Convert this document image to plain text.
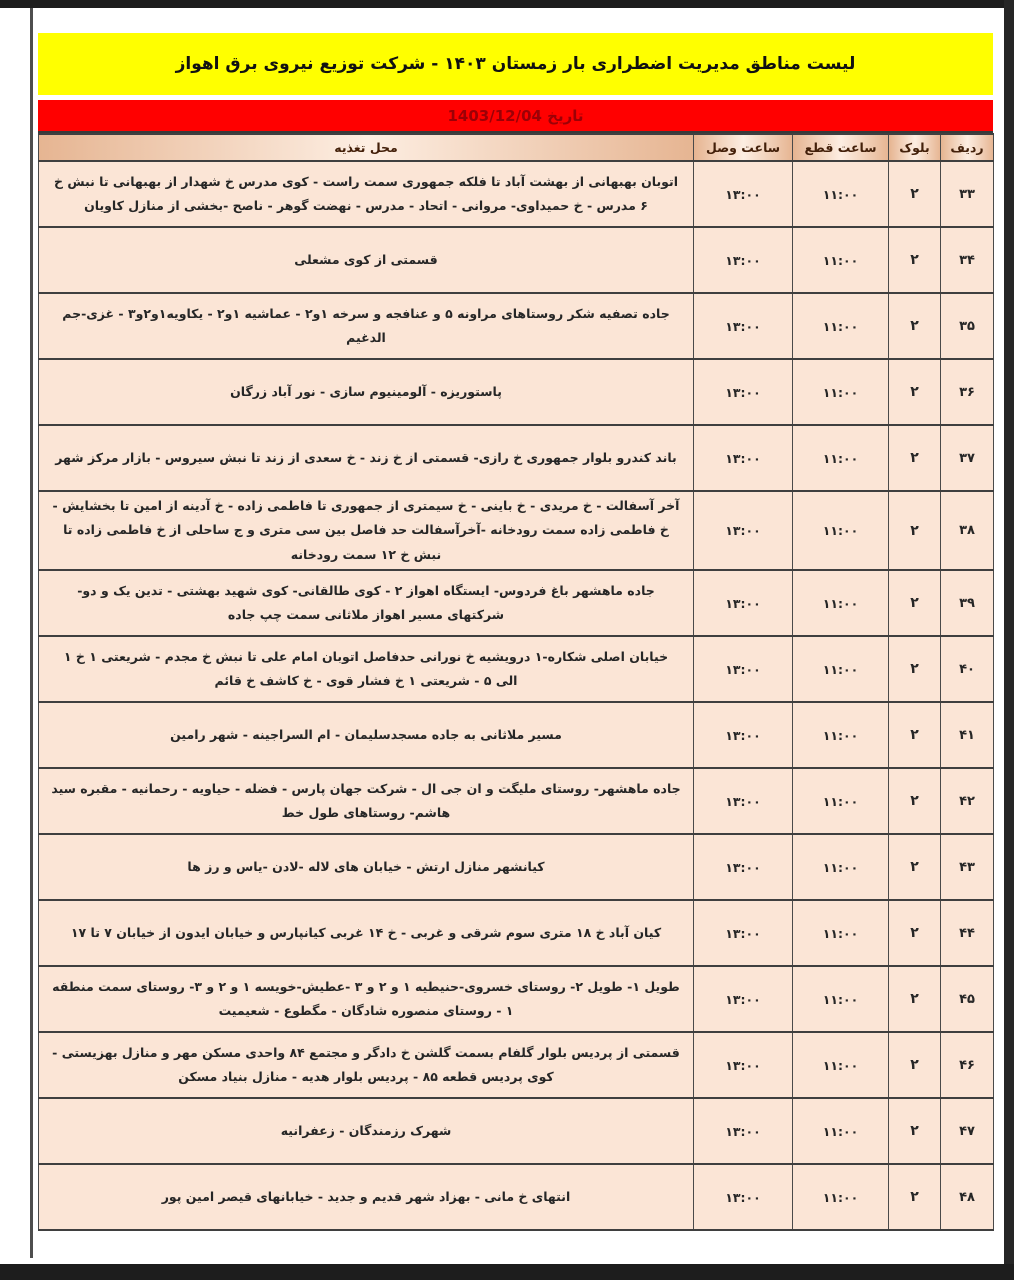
لیست مناطق مدیریت اضطراری بار زمستان ۱۴۰۳ - شرکت توزیع نیروی برق اهواز
تاریخ 1403/12/04
ردیف	بلوک	ساعت قطع	ساعت وصل	محل تغذیه
۳۳	۲	۱۱:۰۰	۱۳:۰۰	اتوبان بهبهانی از بهشت آباد تا فلکه جمهوری سمت راست - کوی مدرس خ شهدار از بهبهانی تا نبش خ ۶ مدرس - خ حمیداوی- مروانی - اتحاد - مدرس - نهضت گوهر - ناصح -بخشی از منازل کاویان
۳۴	۲	۱۱:۰۰	۱۳:۰۰	قسمتی از کوی مشعلی
۳۵	۲	۱۱:۰۰	۱۳:۰۰	جاده تصفیه شکر روستاهای مراونه ۵ و عنافجه و سرخه ۱و۲ - عماشیه ۱و۲ - یکاویه۱و۲و۳ - غزی-جم الدغیم
۳۶	۲	۱۱:۰۰	۱۳:۰۰	پاستوریزه - آلومینیوم سازی - نور آباد زرگان
۳۷	۲	۱۱:۰۰	۱۳:۰۰	باند کندرو بلوار جمهوری خ رازی- قسمتی از خ زند - خ سعدی از زند تا نبش سیروس - بازار مرکز شهر
۳۸	۲	۱۱:۰۰	۱۳:۰۰	آخر آسفالت - خ مریدی - خ باینی - خ سیمتری از جمهوری تا فاطمی زاده - خ آدینه از امین تا بخشایش - خ فاطمی زاده سمت رودخانه -آخرآسفالت حد فاصل بین سی متری و ج ساحلی از خ فاطمی زاده تا نبش خ ۱۲ سمت رودخانه
۳۹	۲	۱۱:۰۰	۱۳:۰۰	جاده ماهشهر باغ فردوس- ایستگاه اهواز ۲ - کوی طالقانی- کوی شهید بهشتی - تدین یک و دو- شرکتهای مسیر اهواز ملاثانی سمت چپ جاده
۴۰	۲	۱۱:۰۰	۱۳:۰۰	خیابان اصلی شکاره-۱ درویشیه خ نورانی حدفاصل اتوبان امام علی تا نبش خ مجدم - شریعتی ۱ خ ۱ الی ۵ - شریعتی ۱ خ فشار قوی - خ کاشف خ قائم
۴۱	۲	۱۱:۰۰	۱۳:۰۰	مسیر ملاثانی به جاده مسجدسلیمان - ام السراجینه - شهر رامین
۴۲	۲	۱۱:۰۰	۱۳:۰۰	جاده ماهشهر- روستای ملیگت و ان جی ال - شرکت جهان پارس - فضله - حیاویه - رحمانیه - مقبره سید هاشم- روستاهای طول خط
۴۳	۲	۱۱:۰۰	۱۳:۰۰	کیانشهر منازل ارتش - خیابان های لاله -لادن -یاس و رز ها
۴۴	۲	۱۱:۰۰	۱۳:۰۰	کیان آباد خ ۱۸ متری سوم شرقی و غربی - خ ۱۴ غربی کیانپارس و خیابان ایدون از خیابان ۷ تا ۱۷
۴۵	۲	۱۱:۰۰	۱۳:۰۰	طویل ۱- طویل ۲- روستای خسروی-حنیطیه ۱ و ۲ و ۳ -عطیش-خویسه ۱ و ۲ و ۳- روستای سمت منطقه ۱ - روستای منصوره شادگان - مگطوع - شعیمیت
۴۶	۲	۱۱:۰۰	۱۳:۰۰	قسمتی از پردیس بلوار گلفام بسمت گلشن خ دادگر و مجتمع ۸۴ واحدی مسکن مهر و منازل بهزیستی - کوی پردیس قطعه ۸۵ - پردیس بلوار هدیه - منازل بنیاد مسکن
۴۷	۲	۱۱:۰۰	۱۳:۰۰	شهرک رزمندگان - زعفرانیه
۴۸	۲	۱۱:۰۰	۱۳:۰۰	انتهای خ مانی - بهزاد شهر قدیم و جدید - خیابانهای قیصر امین پور
